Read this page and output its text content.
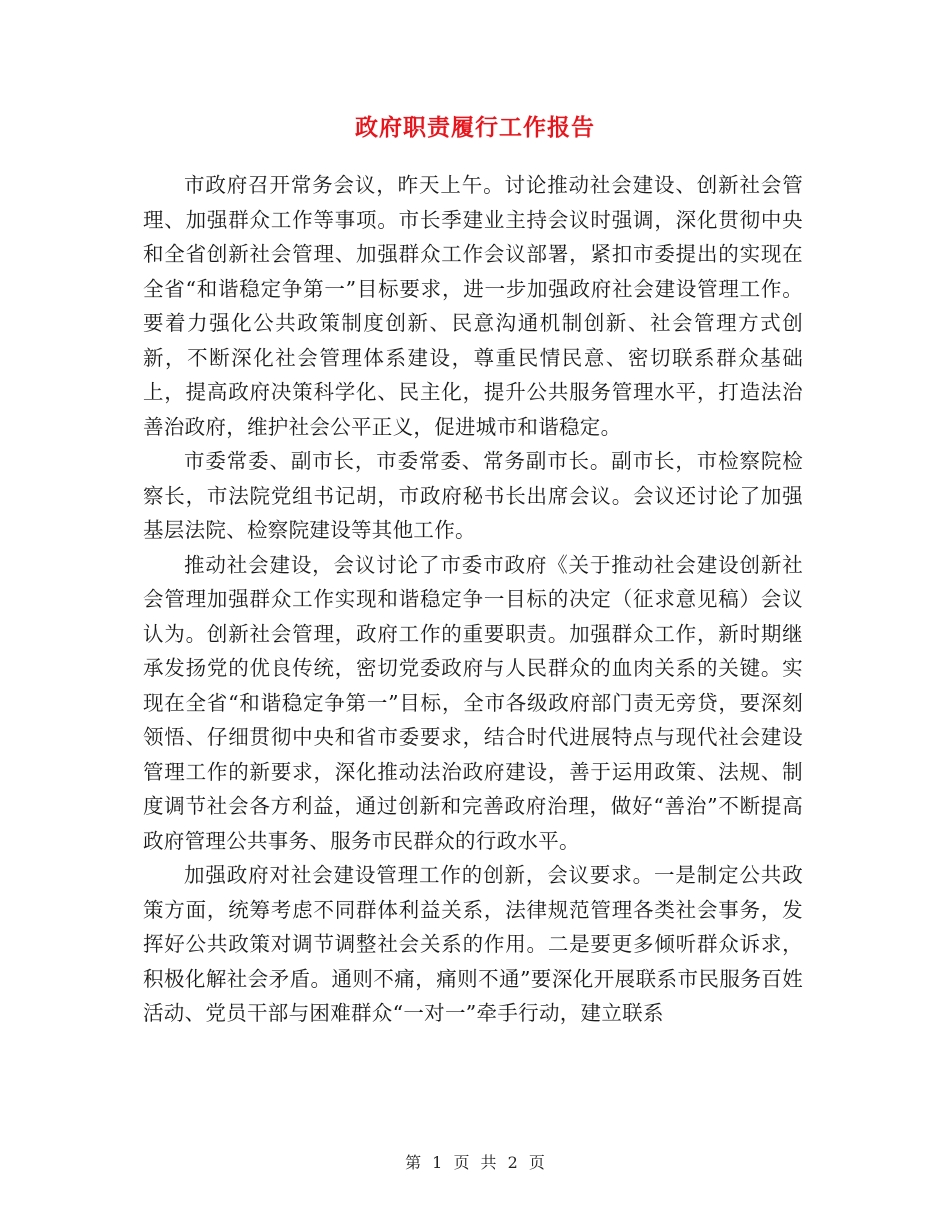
政府职责履行工作报告

市政府召开常务会议，昨天上午。讨论推动社会建设、创新社会管理、加强群众工作等事项。市长季建业主持会议时强调，深化贯彻中央和全省创新社会管理、加强群众工作会议部署，紧扣市委提出的实现在全省“和谐稳定争第一”目标要求，进一步加强政府社会建设管理工作。要着力强化公共政策制度创新、民意沟通机制创新、社会管理方式创新，不断深化社会管理体系建设，尊重民情民意、密切联系群众基础上，提高政府决策科学化、民主化，提升公共服务管理水平，打造法治善治政府，维护社会公平正义，促进城市和谐稳定。

市委常委、副市长，市委常委、常务副市长。副市长，市检察院检察长，市法院党组书记胡，市政府秘书长出席会议。会议还讨论了加强基层法院、检察院建设等其他工作。

推动社会建设，会议讨论了市委市政府《关于推动社会建设创新社会管理加强群众工作实现和谐稳定争一目标的决定（征求意见稿）会议认为。创新社会管理，政府工作的重要职责。加强群众工作，新时期继承发扬党的优良传统，密切党委政府与人民群众的血肉关系的关键。实现在全省“和谐稳定争第一”目标，全市各级政府部门责无旁贷，要深刻领悟、仔细贯彻中央和省市委要求，结合时代进展特点与现代社会建设管理工作的新要求，深化推动法治政府建设，善于运用政策、法规、制度调节社会各方利益，通过创新和完善政府治理，做好“善治”不断提高政府管理公共事务、服务市民群众的行政水平。

加强政府对社会建设管理工作的创新，会议要求。一是制定公共政策方面，统筹考虑不同群体利益关系，法律规范管理各类社会事务，发挥好公共政策对调节调整社会关系的作用。二是要更多倾听群众诉求，积极化解社会矛盾。通则不痛，痛则不通”要深化开展联系市民服务百姓活动、党员干部与困难群众“一对一”牵手行动，建立联系

第 1 页 共 2 页
